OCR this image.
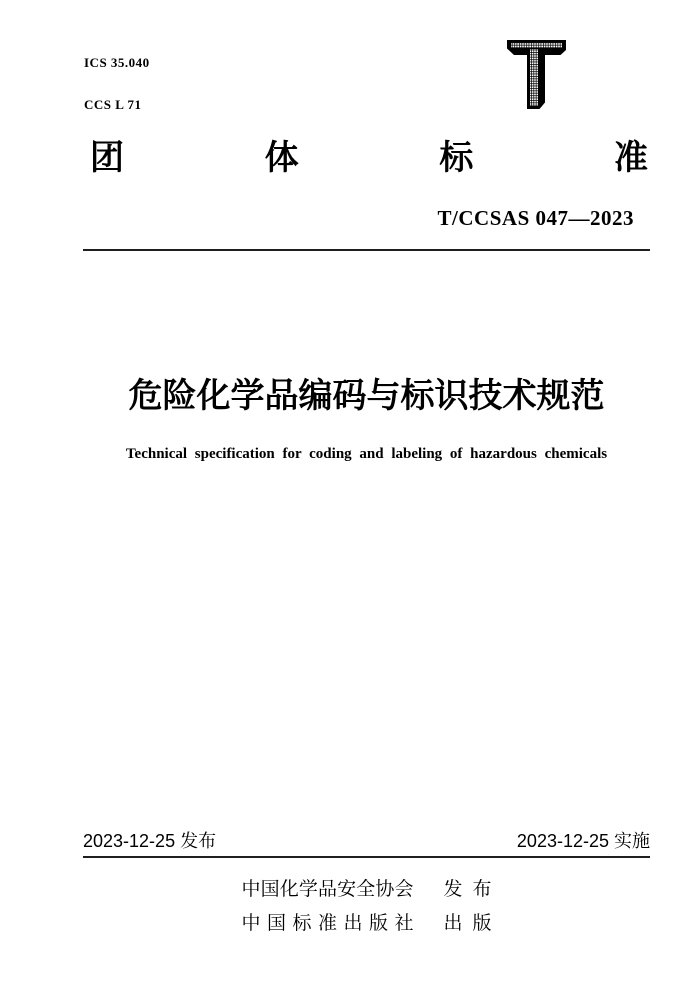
ICS 35.040

CCS L 71

团	体	标	准
T/CCSAS 047—2023
危险化学品编码与标识技术规范
Technical specification for coding and labeling of hazardous chemicals
2023-12-25 发布	2023-12-25 实施
中国化学品安全协会 发 布
中 国 标 准 出 版 社 出 版
